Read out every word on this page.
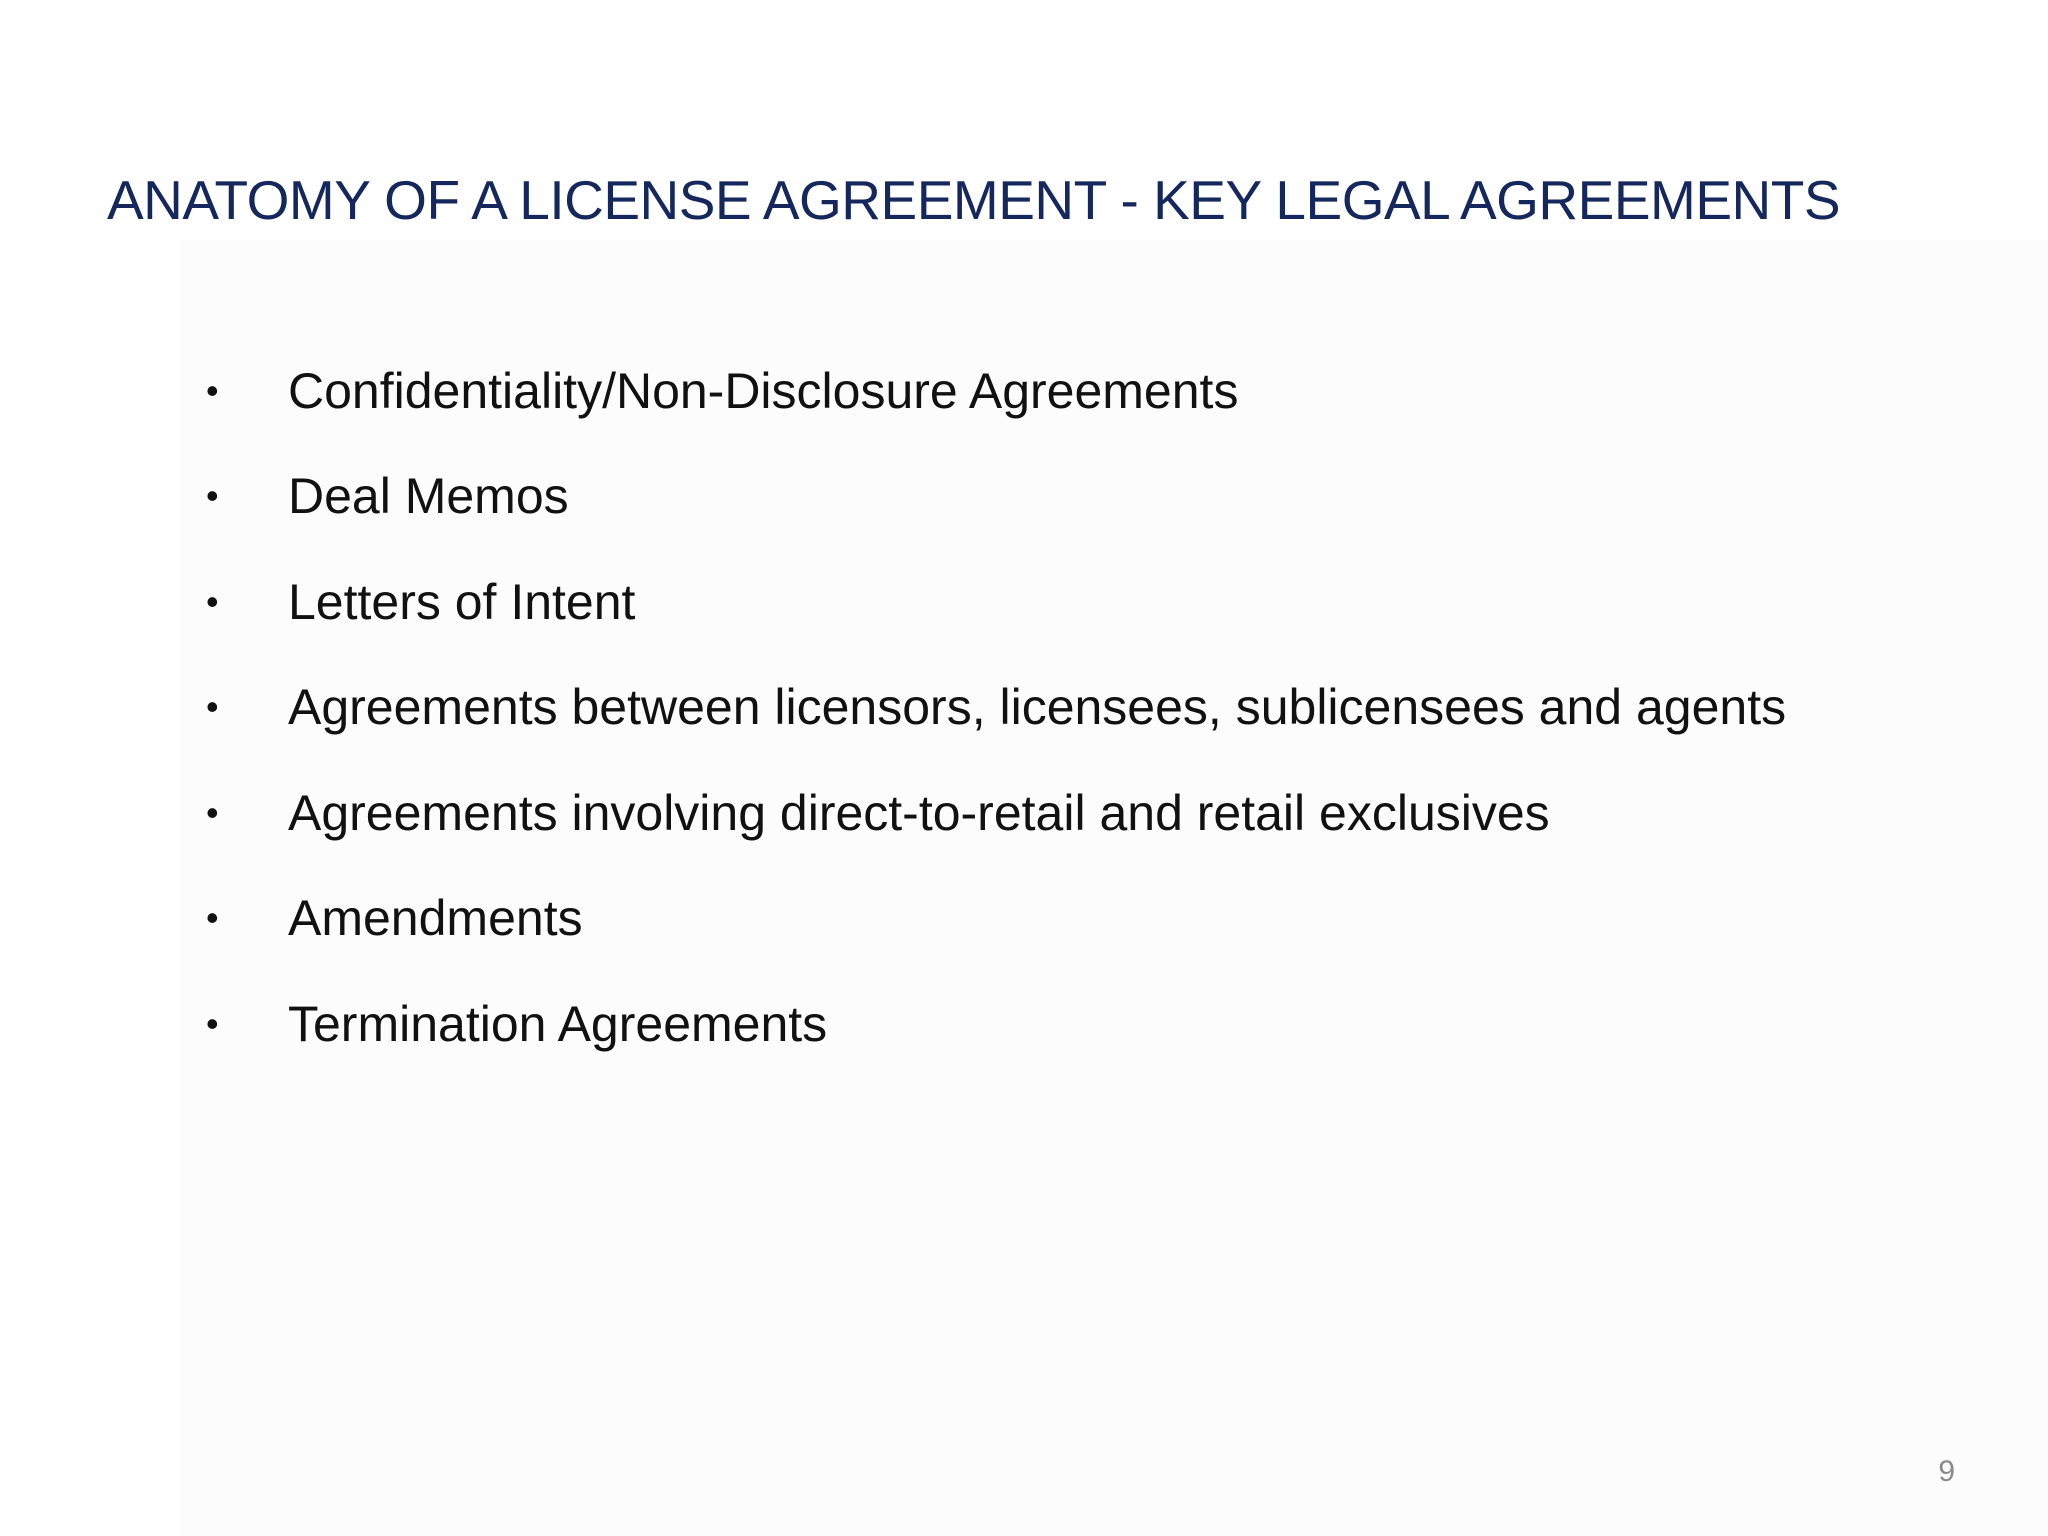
ANATOMY OF A LICENSE AGREEMENT - KEY LEGAL AGREEMENTS
•	Confidentiality/Non-Disclosure Agreements
•	Deal Memos
•	Letters of Intent
•	Agreements between licensors, licensees, sublicensees and agents
•	Agreements involving direct-to-retail and retail exclusives
•	Amendments
•	Termination Agreements
9
